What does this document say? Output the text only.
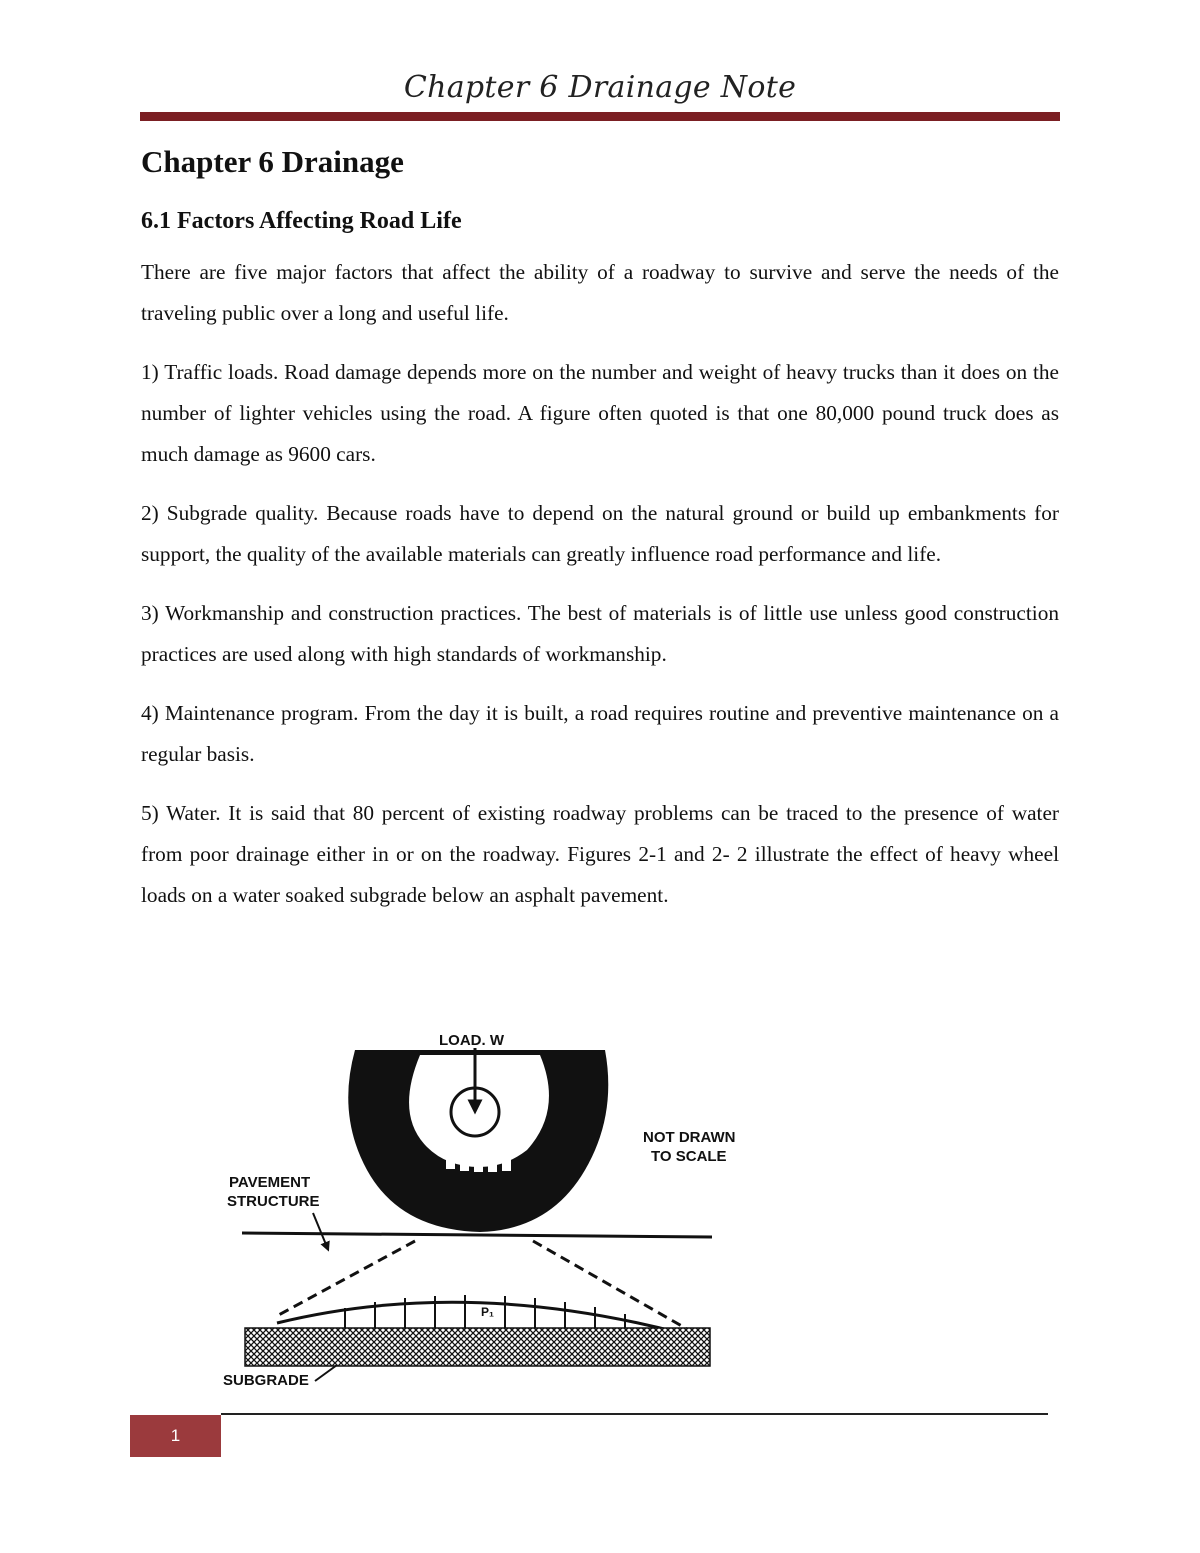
Chapter 6 Drainage Note
Chapter 6 Drainage
6.1 Factors Affecting Road Life

There are five major factors that affect the ability of a roadway to survive and serve the needs of the traveling public over a long and useful life.

1) Traffic loads. Road damage depends more on the number and weight of heavy trucks than it does on the number of lighter vehicles using the road. A figure often quoted is that one 80,000 pound truck does as much damage as 9600 cars.

2) Subgrade quality. Because roads have to depend on the natural ground or build up embankments for support, the quality of the available materials can greatly influence road performance and life.

3) Workmanship and construction practices. The best of materials is of little use unless good construction practices are used along with high standards of workmanship.

4) Maintenance program. From the day it is built, a road requires routine and preventive maintenance on a regular basis.

5) Water. It is said that 80 percent of existing roadway problems can be traced to the presence of water from poor drainage either in or on the roadway. Figures 2-1 and 2- 2 illustrate the effect of heavy wheel loads on a water soaked subgrade below an asphalt pavement.

LOAD. W
NOT DRAWN
TO SCALE
PAVEMENT
STRUCTURE
P₁
SUBGRADE
1
